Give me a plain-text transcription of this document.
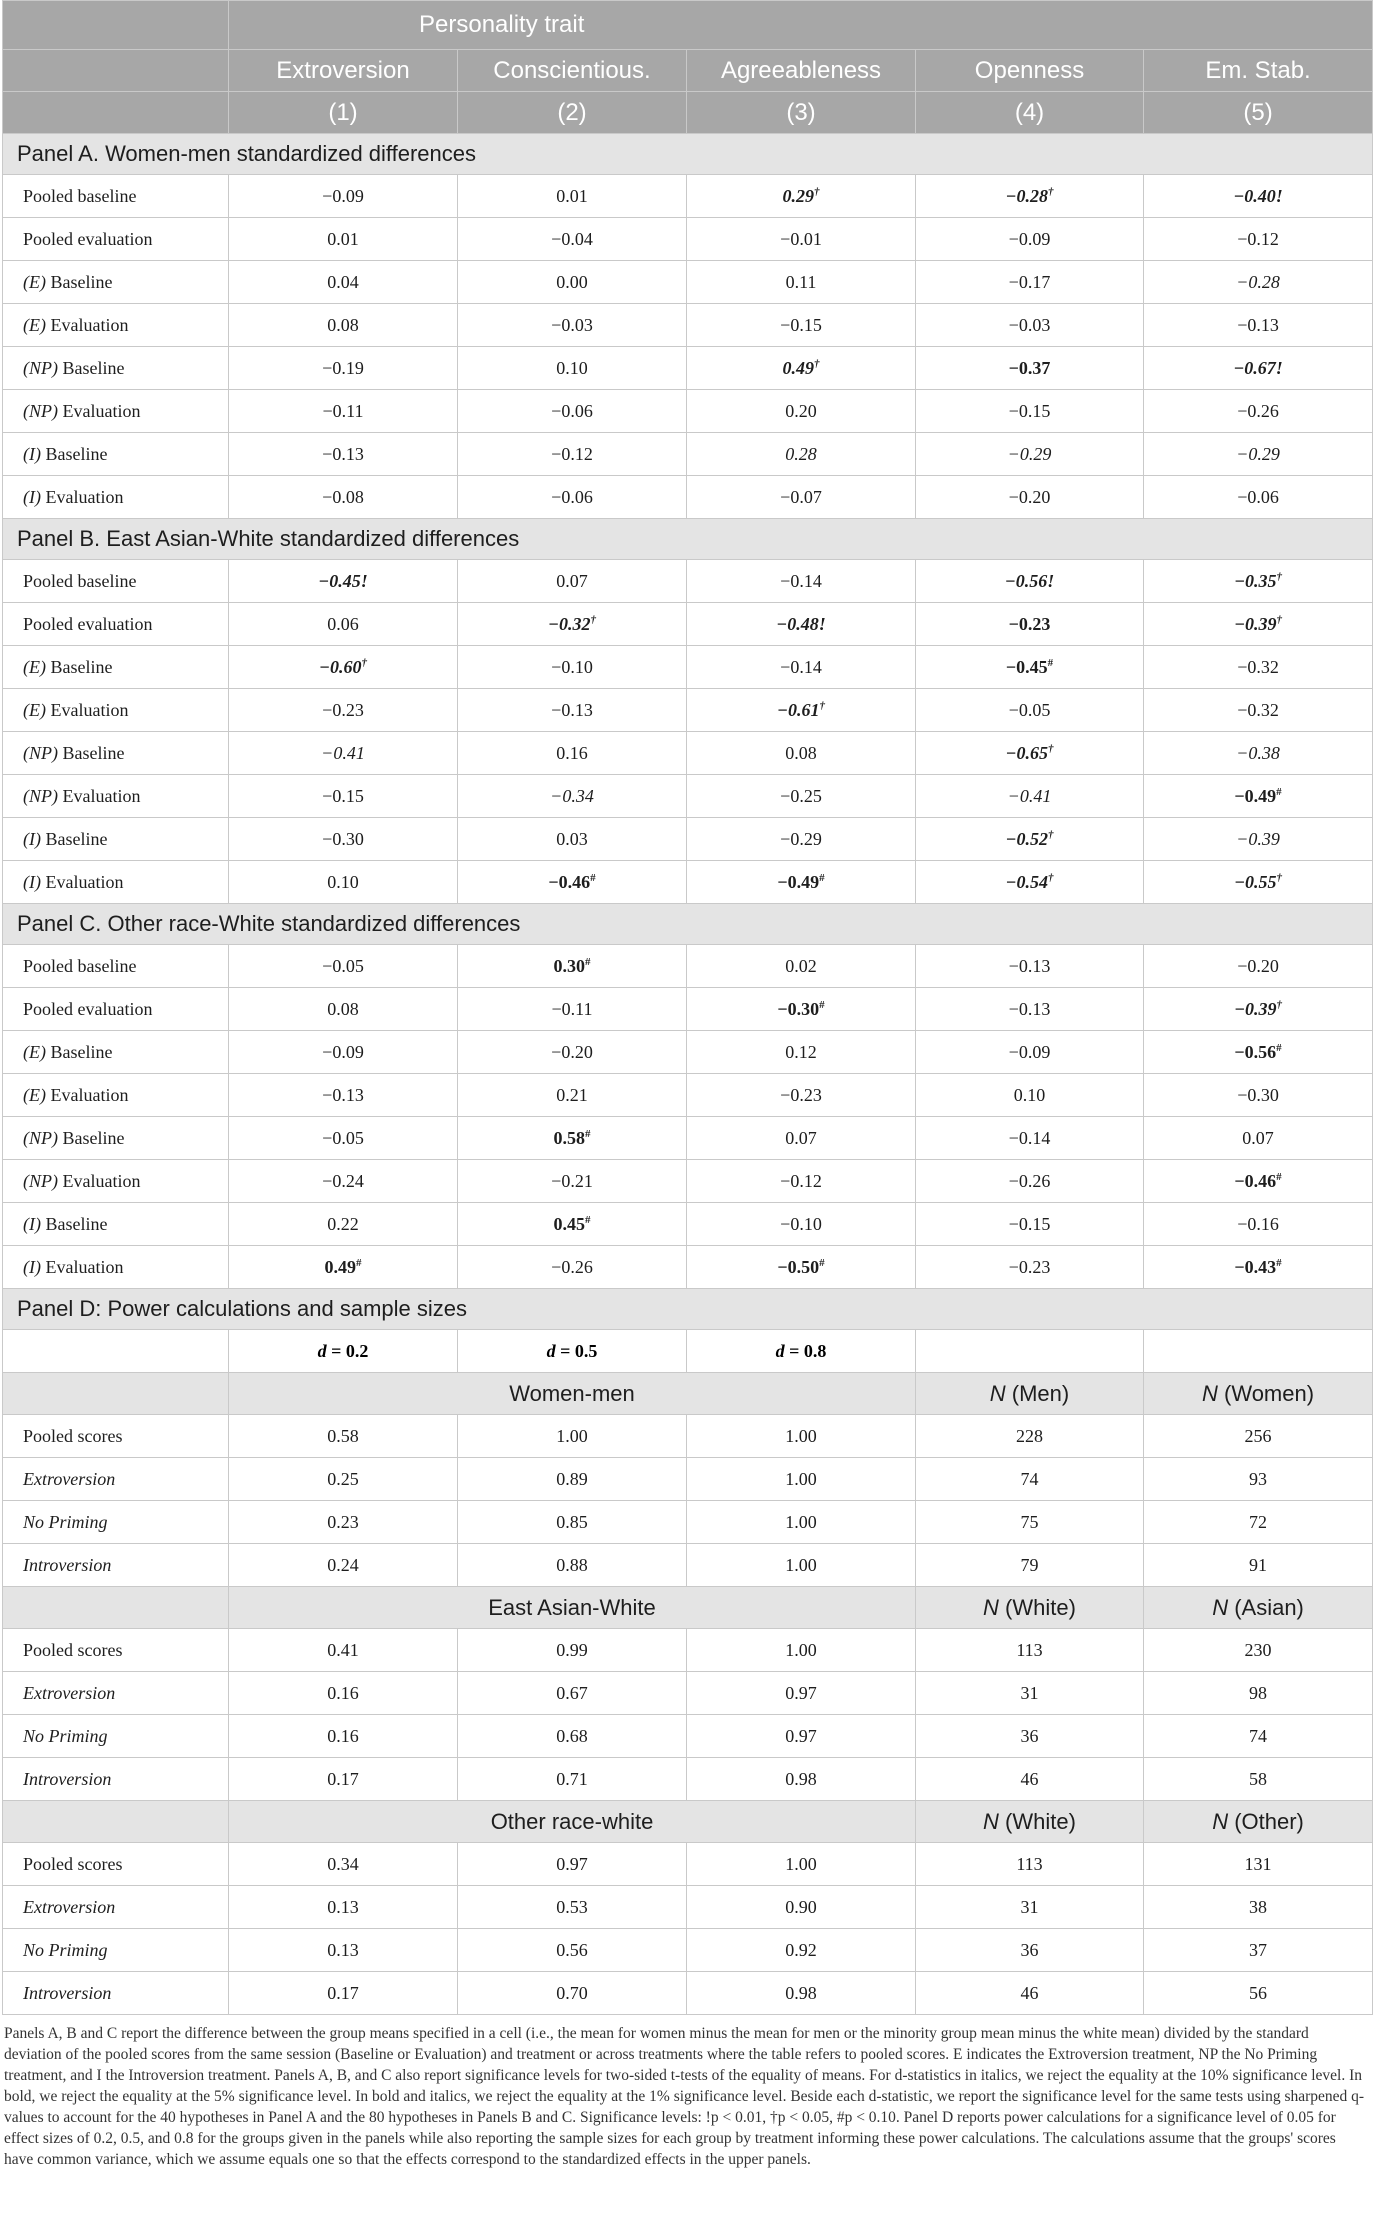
	Personality trait				
	Extroversion	Conscientious.	Agreeableness	Openness	Em. Stab.
	(1)	(2)	(3)	(4)	(5)
Panel A. Women-men standardized differences					
Pooled baseline	−0.09	0.01	0.29†	−0.28†	−0.40!
Pooled evaluation	0.01	−0.04	−0.01	−0.09	−0.12
(E) Baseline	0.04	0.00	0.11	−0.17	−0.28
(E) Evaluation	0.08	−0.03	−0.15	−0.03	−0.13
(NP) Baseline	−0.19	0.10	0.49†	−0.37	−0.67!
(NP) Evaluation	−0.11	−0.06	0.20	−0.15	−0.26
(I) Baseline	−0.13	−0.12	0.28	−0.29	−0.29
(I) Evaluation	−0.08	−0.06	−0.07	−0.20	−0.06
Panel B. East Asian-White standardized differences					
Pooled baseline	−0.45!	0.07	−0.14	−0.56!	−0.35†
Pooled evaluation	0.06	−0.32†	−0.48!	−0.23	−0.39†
(E) Baseline	−0.60†	−0.10	−0.14	−0.45#	−0.32
(E) Evaluation	−0.23	−0.13	−0.61†	−0.05	−0.32
(NP) Baseline	−0.41	0.16	0.08	−0.65†	−0.38
(NP) Evaluation	−0.15	−0.34	−0.25	−0.41	−0.49#
(I) Baseline	−0.30	0.03	−0.29	−0.52†	−0.39
(I) Evaluation	0.10	−0.46#	−0.49#	−0.54†	−0.55†
Panel C. Other race-White standardized differences					
Pooled baseline	−0.05	0.30#	0.02	−0.13	−0.20
Pooled evaluation	0.08	−0.11	−0.30#	−0.13	−0.39†
(E) Baseline	−0.09	−0.20	0.12	−0.09	−0.56#
(E) Evaluation	−0.13	0.21	−0.23	0.10	−0.30
(NP) Baseline	−0.05	0.58#	0.07	−0.14	0.07
(NP) Evaluation	−0.24	−0.21	−0.12	−0.26	−0.46#
(I) Baseline	0.22	0.45#	−0.10	−0.15	−0.16
(I) Evaluation	0.49#	−0.26	−0.50#	−0.23	−0.43#
Panel D: Power calculations and sample sizes					
	d = 0.2	d = 0.5	d = 0.8		
	Women-men			N (Men)	N (Women)
Pooled scores	0.58	1.00	1.00	228	256
Extroversion	0.25	0.89	1.00	74	93
No Priming	0.23	0.85	1.00	75	72
Introversion	0.24	0.88	1.00	79	91
	East Asian-White			N (White)	N (Asian)
Pooled scores	0.41	0.99	1.00	113	230
Extroversion	0.16	0.67	0.97	31	98
No Priming	0.16	0.68	0.97	36	74
Introversion	0.17	0.71	0.98	46	58
	Other race-white			N (White)	N (Other)
Pooled scores	0.34	0.97	1.00	113	131
Extroversion	0.13	0.53	0.90	31	38
No Priming	0.13	0.56	0.92	36	37
Introversion	0.17	0.70	0.98	46	56
Panels A, B and C report the difference between the group means specified in a cell (i.e., the mean for women minus the mean for men or the minority group mean minus the white mean) divided by the standard deviation of the pooled scores from the same session (Baseline or Evaluation) and treatment or across treatments where the table refers to pooled scores. E indicates the Extroversion treatment, NP the No Priming treatment, and I the Introversion treatment. Panels A, B, and C also report significance levels for two-sided t-tests of the equality of means. For d-statistics in italics, we reject the equality at the 10% significance level. In bold, we reject the equality at the 5% significance level. In bold and italics, we reject the equality at the 1% significance level. Beside each d-statistic, we report the significance level for the same tests using sharpened q-values to account for the 40 hypotheses in Panel A and the 80 hypotheses in Panels B and C. Significance levels: !p < 0.01, †p < 0.05, #p < 0.10. Panel D reports power calculations for a significance level of 0.05 for effect sizes of 0.2, 0.5, and 0.8 for the groups given in the panels while also reporting the sample sizes for each group by treatment informing these power calculations. The calculations assume that the groups' scores have common variance, which we assume equals one so that the effects correspond to the standardized effects in the upper panels.
